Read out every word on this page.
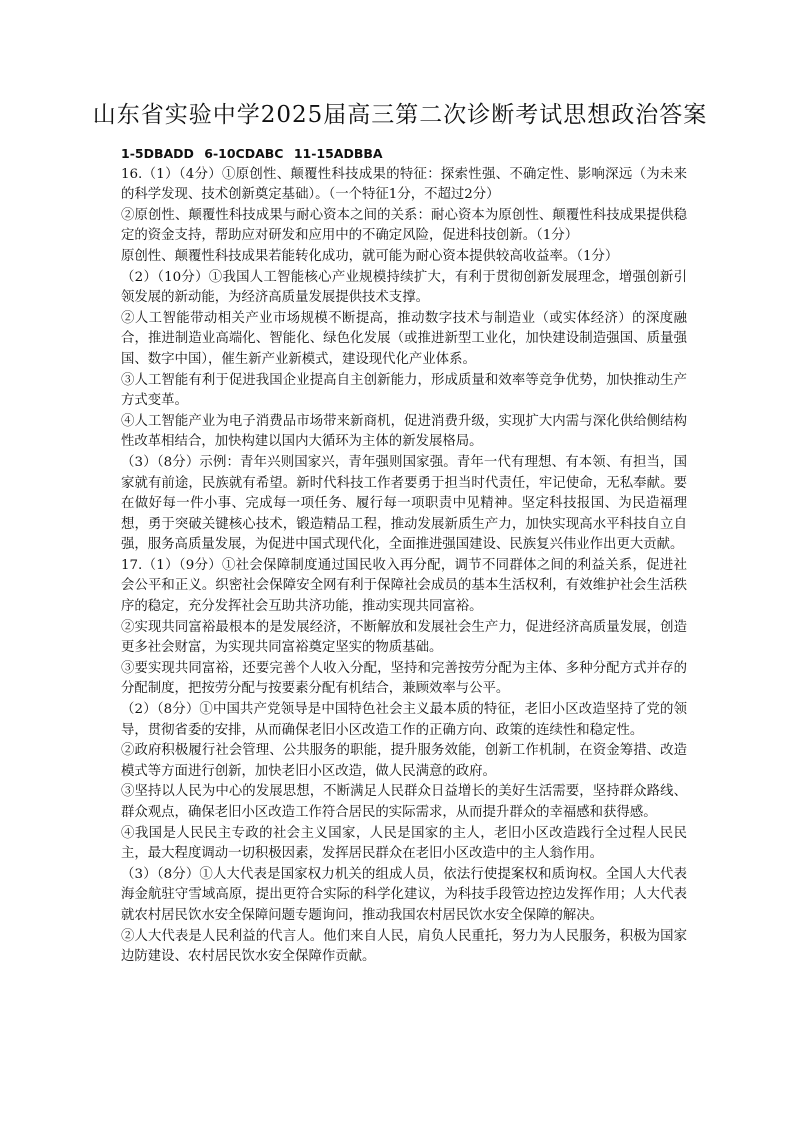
山东省实验中学2025届高三第二次诊断考试思想政治答案

1-5DBADD 6-10CDABC 11-15ADBBA

16.（1）（4分）①原创性、颠覆性科技成果的特征：探索性强、不确定性、影响深远（为未来的科学发现、技术创新奠定基础）。（一个特征1分，不超过2分）

②原创性、颠覆性科技成果与耐心资本之间的关系：耐心资本为原创性、颠覆性科技成果提供稳定的资金支持，帮助应对研发和应用中的不确定风险，促进科技创新。（1分）

原创性、颠覆性科技成果若能转化成功，就可能为耐心资本提供较高收益率。（1分）

（2）（10分）①我国人工智能核心产业规模持续扩大，有利于贯彻创新发展理念，增强创新引领发展的新动能，为经济高质量发展提供技术支撑。

②人工智能带动相关产业市场规模不断提高，推动数字技术与制造业（或实体经济）的深度融合，推进制造业高端化、智能化、绿色化发展（或推进新型工业化，加快建设制造强国、质量强国、数字中国），催生新产业新模式，建设现代化产业体系。

③人工智能有利于促进我国企业提高自主创新能力，形成质量和效率等竞争优势，加快推动生产方式变革。

④人工智能产业为电子消费品市场带来新商机，促进消费升级，实现扩大内需与深化供给侧结构性改革相结合，加快构建以国内大循环为主体的新发展格局。

（3）（8分）示例：青年兴则国家兴，青年强则国家强。青年一代有理想、有本领、有担当，国家就有前途，民族就有希望。新时代科技工作者要勇于担当时代责任，牢记使命，无私奉献。要在做好每一件小事、完成每一项任务、履行每一项职责中见精神。坚定科技报国、为民造福理想，勇于突破关键核心技术，锻造精品工程，推动发展新质生产力，加快实现高水平科技自立自强，服务高质量发展，为促进中国式现代化，全面推进强国建设、民族复兴伟业作出更大贡献。

17.（1）（9分）①社会保障制度通过国民收入再分配，调节不同群体之间的利益关系，促进社会公平和正义。织密社会保障安全网有利于保障社会成员的基本生活权利，有效维护社会生活秩序的稳定，充分发挥社会互助共济功能，推动实现共同富裕。

②实现共同富裕最根本的是发展经济，不断解放和发展社会生产力，促进经济高质量发展，创造更多社会财富，为实现共同富裕奠定坚实的物质基础。

③要实现共同富裕，还要完善个人收入分配，坚持和完善按劳分配为主体、多种分配方式并存的分配制度，把按劳分配与按要素分配有机结合，兼顾效率与公平。

（2）（8分）①中国共产党领导是中国特色社会主义最本质的特征，老旧小区改造坚持了党的领导，贯彻省委的安排，从而确保老旧小区改造工作的正确方向、政策的连续性和稳定性。

②政府积极履行社会管理、公共服务的职能，提升服务效能，创新工作机制，在资金筹措、改造模式等方面进行创新，加快老旧小区改造，做人民满意的政府。

③坚持以人民为中心的发展思想，不断满足人民群众日益增长的美好生活需要，坚持群众路线、群众观点，确保老旧小区改造工作符合居民的实际需求，从而提升群众的幸福感和获得感。

④我国是人民民主专政的社会主义国家，人民是国家的主人，老旧小区改造践行全过程人民民主，最大程度调动一切积极因素，发挥居民群众在老旧小区改造中的主人翁作用。

（3）（8分）①人大代表是国家权力机关的组成人员，依法行使提案权和质询权。全国人大代表海金航驻守雪域高原，提出更符合实际的科学化建议，为科技手段管边控边发挥作用；人大代表就农村居民饮水安全保障问题专题询问，推动我国农村居民饮水安全保障的解决。

②人大代表是人民利益的代言人。他们来自人民，肩负人民重托，努力为人民服务，积极为国家边防建设、农村居民饮水安全保障作贡献。
